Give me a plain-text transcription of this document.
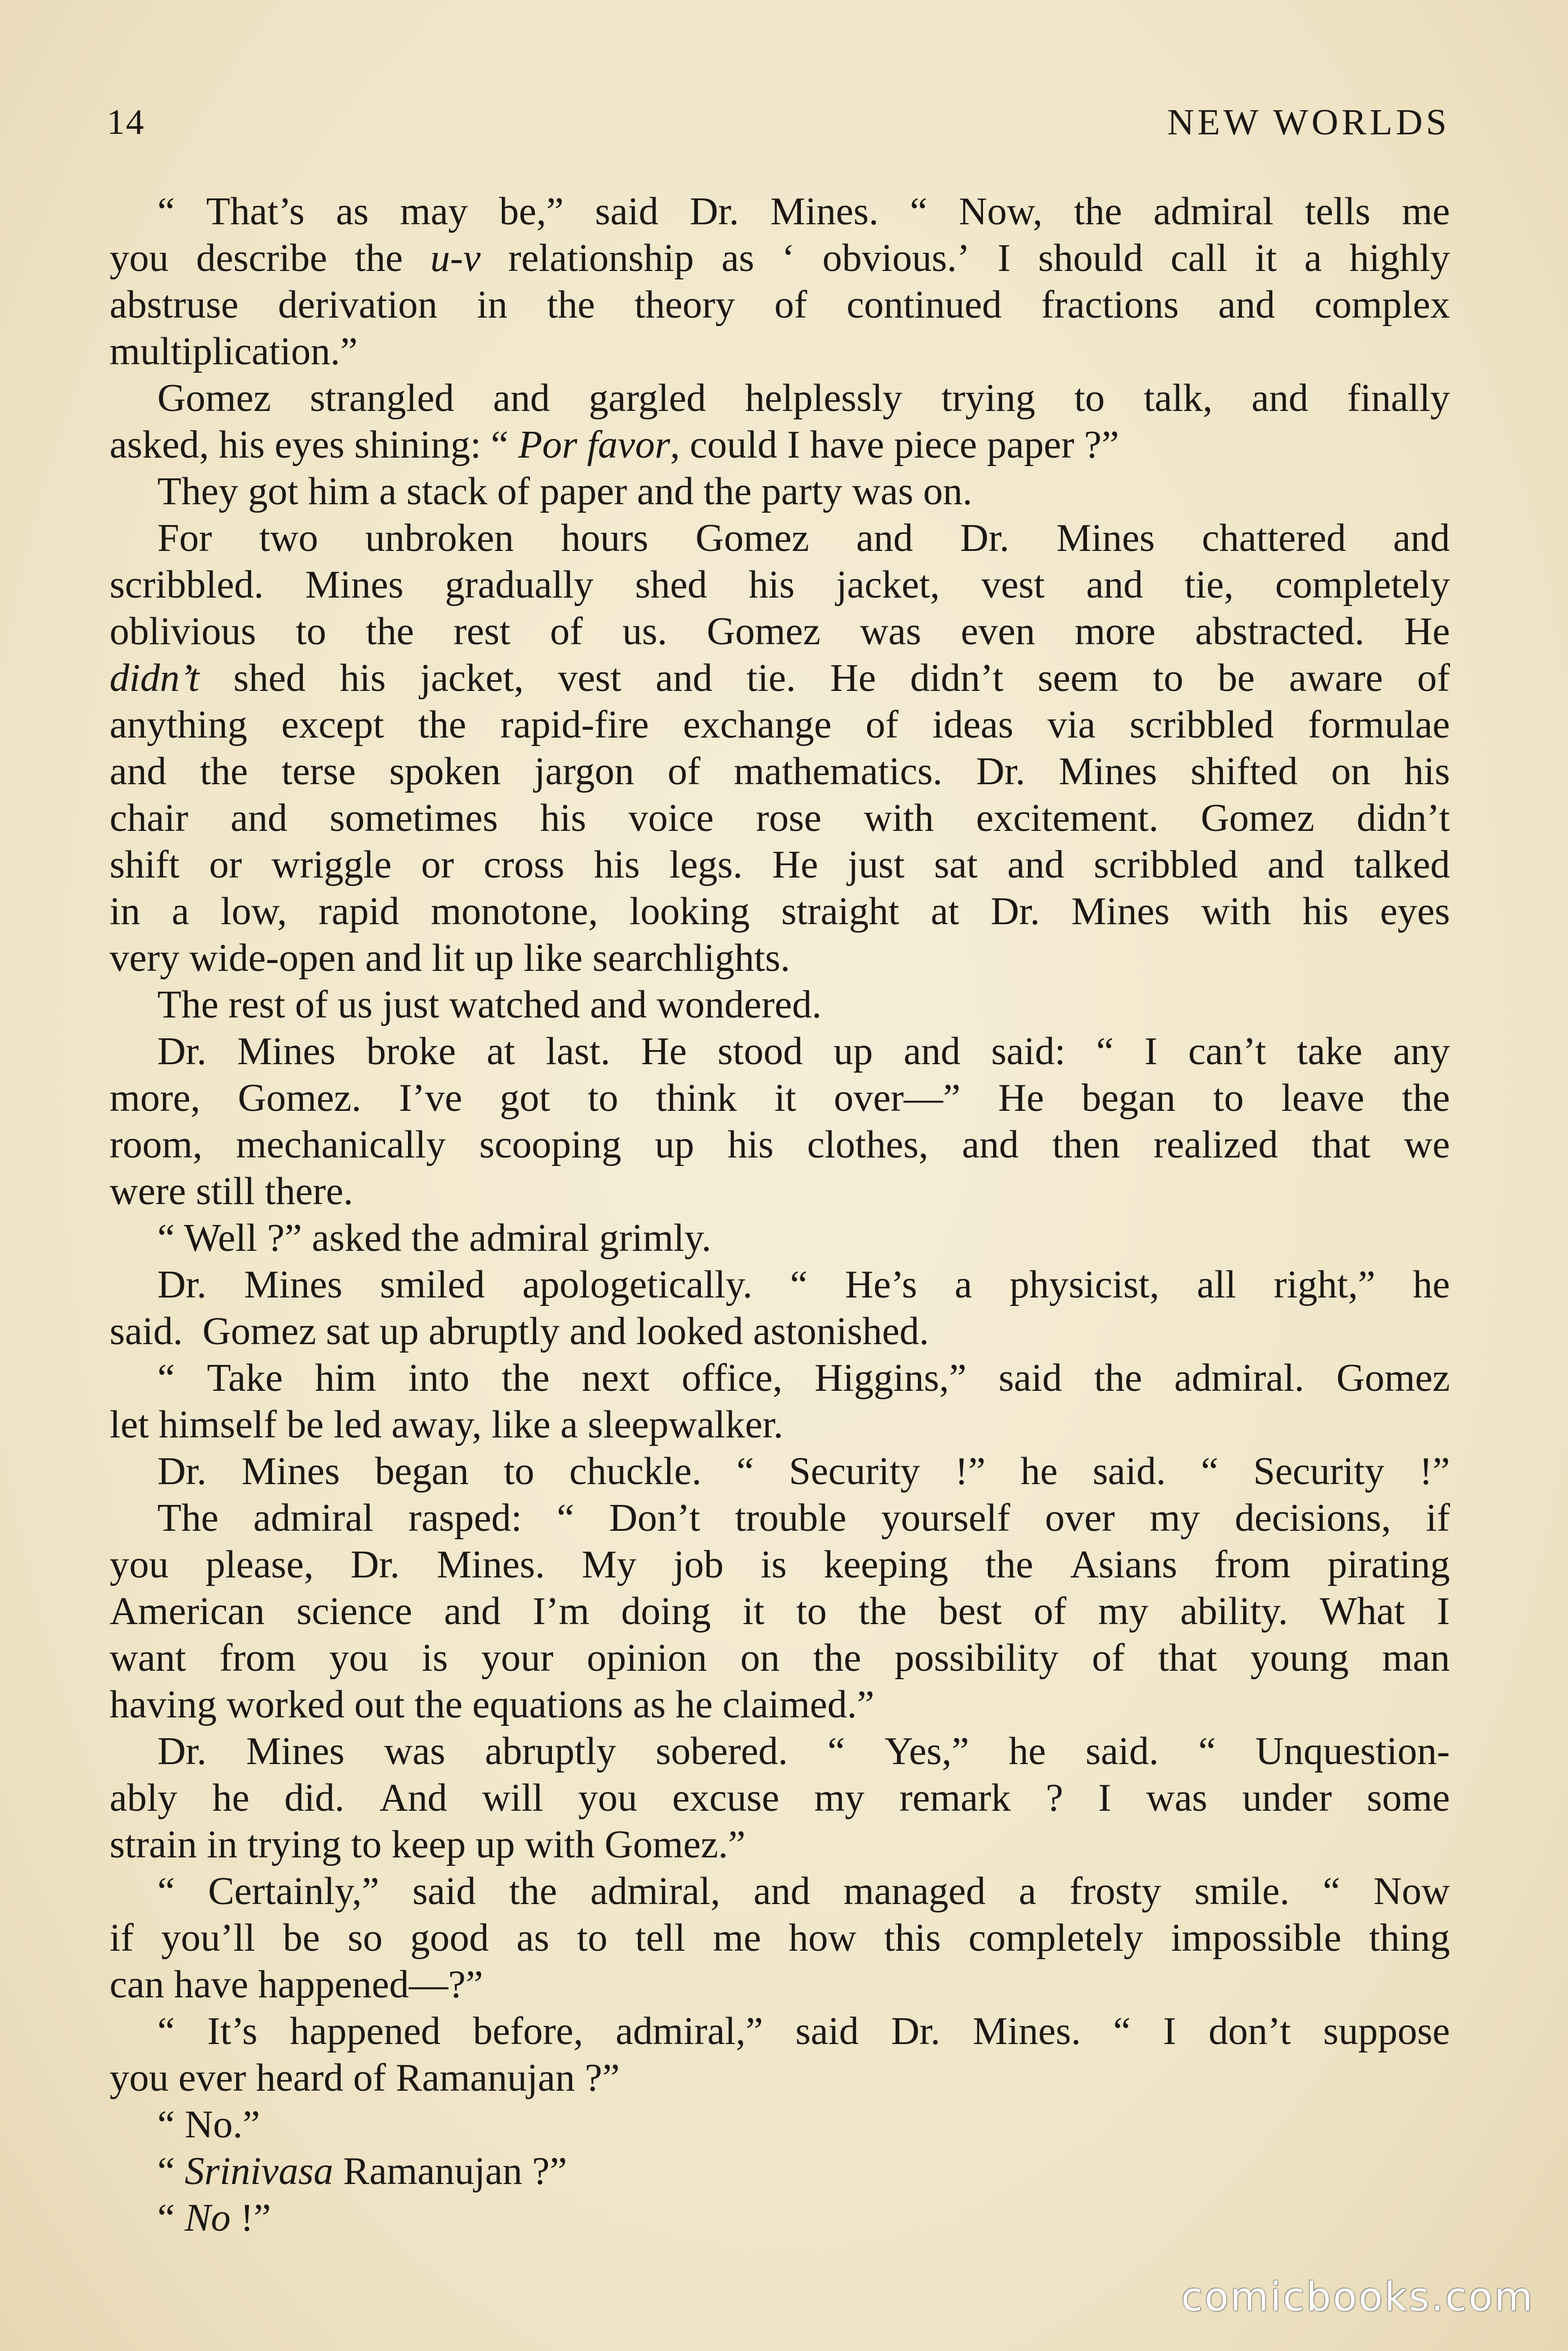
14	NEW WORLDS
“ That’s as may be,” said Dr. Mines. “ Now, the admiral tells me
you describe the u-v relationship as ‘ obvious.’ I should call it a highly
abstruse derivation in the theory of continued fractions and complex
multiplication.”
Gomez strangled and gargled helplessly trying to talk, and finally
asked, his eyes shining: “ Por favor, could I have piece paper ?”
They got him a stack of paper and the party was on.
For two unbroken hours Gomez and Dr. Mines chattered and
scribbled. Mines gradually shed his jacket, vest and tie, completely
oblivious to the rest of us. Gomez was even more abstracted. He
didn’t shed his jacket, vest and tie. He didn’t seem to be aware of
anything except the rapid-fire exchange of ideas via scribbled formulae
and the terse spoken jargon of mathematics. Dr. Mines shifted on his
chair and sometimes his voice rose with excitement. Gomez didn’t
shift or wriggle or cross his legs. He just sat and scribbled and talked
in a low, rapid monotone, looking straight at Dr. Mines with his eyes
very wide-open and lit up like searchlights.
The rest of us just watched and wondered.
Dr. Mines broke at last. He stood up and said: “ I can’t take any
more, Gomez. I’ve got to think it over—” He began to leave the
room, mechanically scooping up his clothes, and then realized that we
were still there.
“ Well ?” asked the admiral grimly.
Dr. Mines smiled apologetically. “ He’s a physicist, all right,” he
said.  Gomez sat up abruptly and looked astonished.
“ Take him into the next office, Higgins,” said the admiral. Gomez
let himself be led away, like a sleepwalker.
Dr. Mines began to chuckle. “ Security !” he said. “ Security !”
The admiral rasped: “ Don’t trouble yourself over my decisions, if
you please, Dr. Mines. My job is keeping the Asians from pirating
American science and I’m doing it to the best of my ability. What I
want from you is your opinion on the possibility of that young man
having worked out the equations as he claimed.”
Dr. Mines was abruptly sobered. “ Yes,” he said. “ Unquestion-
ably he did. And will you excuse my remark ? I was under some
strain in trying to keep up with Gomez.”
“ Certainly,” said the admiral, and managed a frosty smile. “ Now
if you’ll be so good as to tell me how this completely impossible thing
can have happened—?”
“ It’s happened before, admiral,” said Dr. Mines. “ I don’t suppose
you ever heard of Ramanujan ?”
“ No.”
“ Srinivasa Ramanujan ?”
“ No !”
comicbooks.com
